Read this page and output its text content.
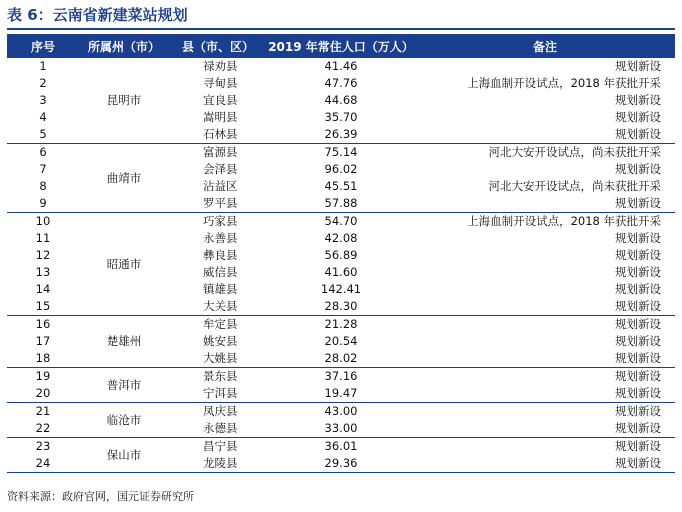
表 6：云南省新建菜站规划
序号	所属州（市）	县（市、区）	2019 年常住人口（万人）	备注
1	昆明市	禄劝县	41.46	规划新设
2		寻甸县	47.76	上海血制开设试点，2018 年获批开采
3		宜良县	44.68	规划新设
4		嵩明县	35.70	规划新设
5		石林县	26.39	规划新设
6	曲靖市	富源县	75.14	河北大安开设试点，尚未获批开采
7		会泽县	96.02	规划新设
8		沾益区	45.51	河北大安开设试点，尚未获批开采
9		罗平县	57.88	规划新设
10	昭通市	巧家县	54.70	上海血制开设试点，2018 年获批开采
11		永善县	42.08	规划新设
12		彝良县	56.89	规划新设
13		威信县	41.60	规划新设
14		镇雄县	142.41	规划新设
15		大关县	28.30	规划新设
16	楚雄州	牟定县	21.28	规划新设
17		姚安县	20.54	规划新设
18		大姚县	28.02	规划新设
19	普洱市	景东县	37.16	规划新设
20		宁洱县	19.47	规划新设
21	临沧市	凤庆县	43.00	规划新设
22		永德县	33.00	规划新设
23	保山市	昌宁县	36.01	规划新设
24		龙陵县	29.36	规划新设
资料来源：政府官网，国元证券研究所
